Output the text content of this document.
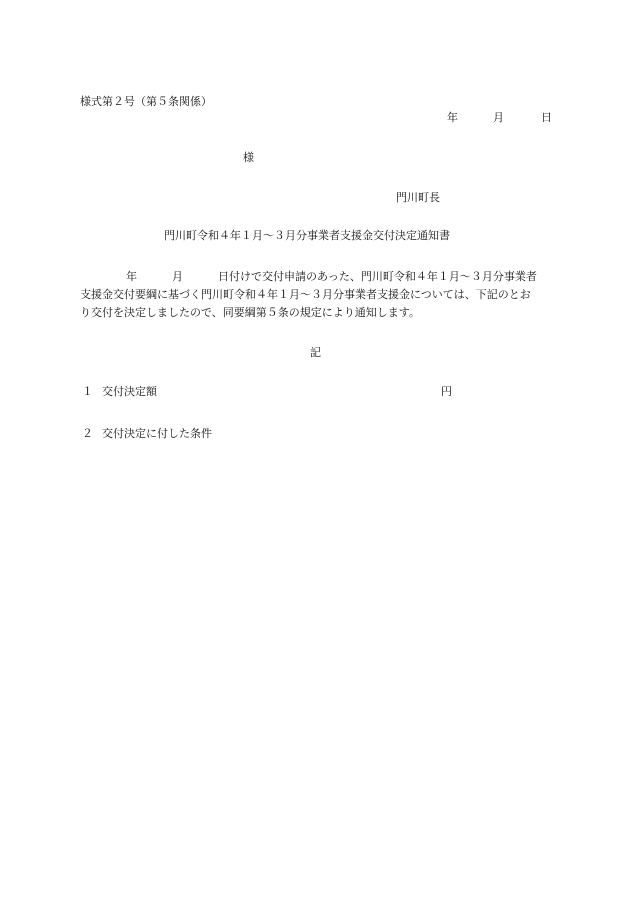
様式第２号（第５条関係）
年	月	日
様
門川町長
門川町令和４年１月〜３月分事業者支援金交付決定通知書
年	月	日付けで交付申請のあった、門川町令和４年１月〜３月分事業者
支援金交付要綱に基づく門川町令和４年１月〜３月分事業者支援金については、下記のとお
り交付を決定しましたので、同要綱第５条の規定により通知します。
記
１ 交付決定額	円
２ 交付決定に付した条件
